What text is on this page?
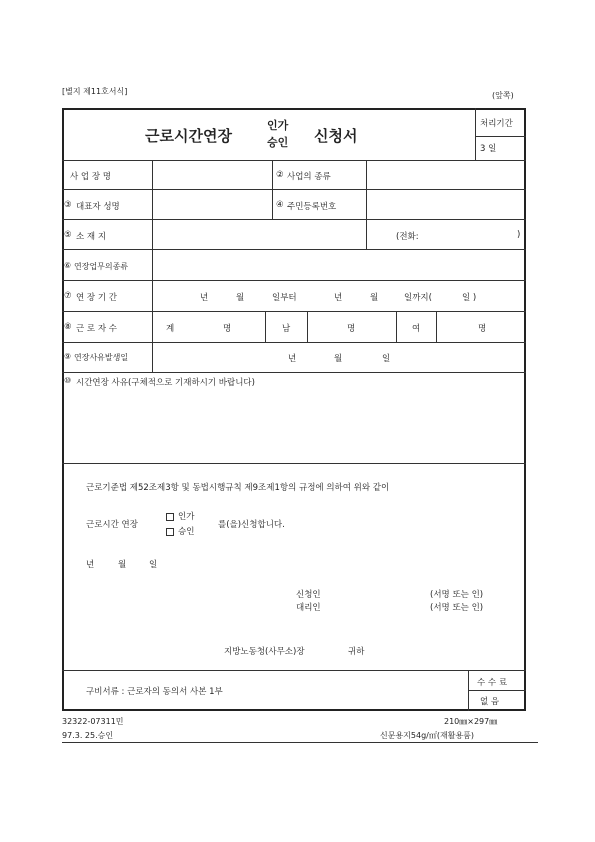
[별지 제11호서식]	(앞쪽)
근로시간연장
인가
승인 신청서
처리기간
3 일
사 업 장 명	② 사업의 종류
③ 대표자 성명	④ 주민등록번호
⑤ 소 재 지	(전화:	)
⑥ 연장업무의종류
⑦ 연 장 기 간	년	월	일부터	년	월	일까지(	일 )
⑧ 근 로 자 수	계	명	남	명	여	명
⑨ 연장사유발생일	년	월	일
⑩ 시간연장 사유(구체적으로 기재하시기 바랍니다)
근로기준법 제52조제3항 및 동법시행규칙 제9조제1항의 규정에 의하여 위와 같이
근로시간 연장
인가
승인
를(을)신청합니다.
년	월	일
신청인
대리인
(서명 또는 인)
(서명 또는 인)
지방노동청(사무소)장	귀하
구비서류 : 근로자의 동의서 사본 1부
수 수 료
없 음
32322-07311민	210㎜×297㎜
97.3. 25.승인	신문용지54g/㎡(재활용품)
